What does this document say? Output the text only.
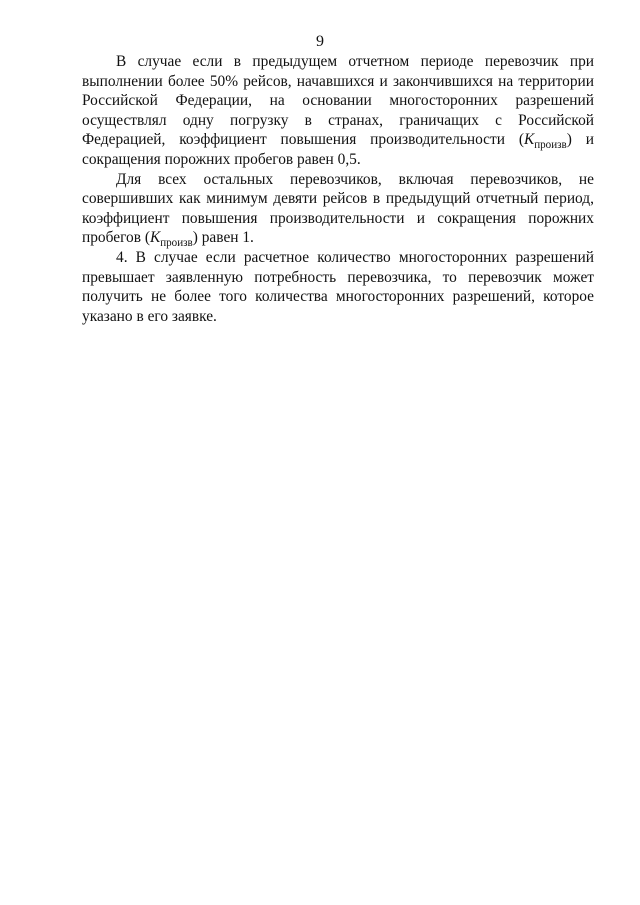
9

В случае если в предыдущем отчетном периоде перевозчик при выполнении более 50% рейсов, начавшихся и закончившихся на территории Российской Федерации, на основании многосторонних разрешений осуществлял одну погрузку в странах, граничащих с Российской Федерацией, коэффициент повышения производительности $(K_{произв})$ и сокращения порожних пробегов равен 0,5.

Для всех остальных перевозчиков, включая перевозчиков, не совершивших как минимум девяти рейсов в предыдущий отчетный период, коэффициент повышения производительности и сокращения порожних пробегов $(K_{произв})$ равен 1.

4. В случае если расчетное количество многосторонних разрешений превышает заявленную потребность перевозчика, то перевозчик может получить не более того количества многосторонних разрешений, которое указано в его заявке.
